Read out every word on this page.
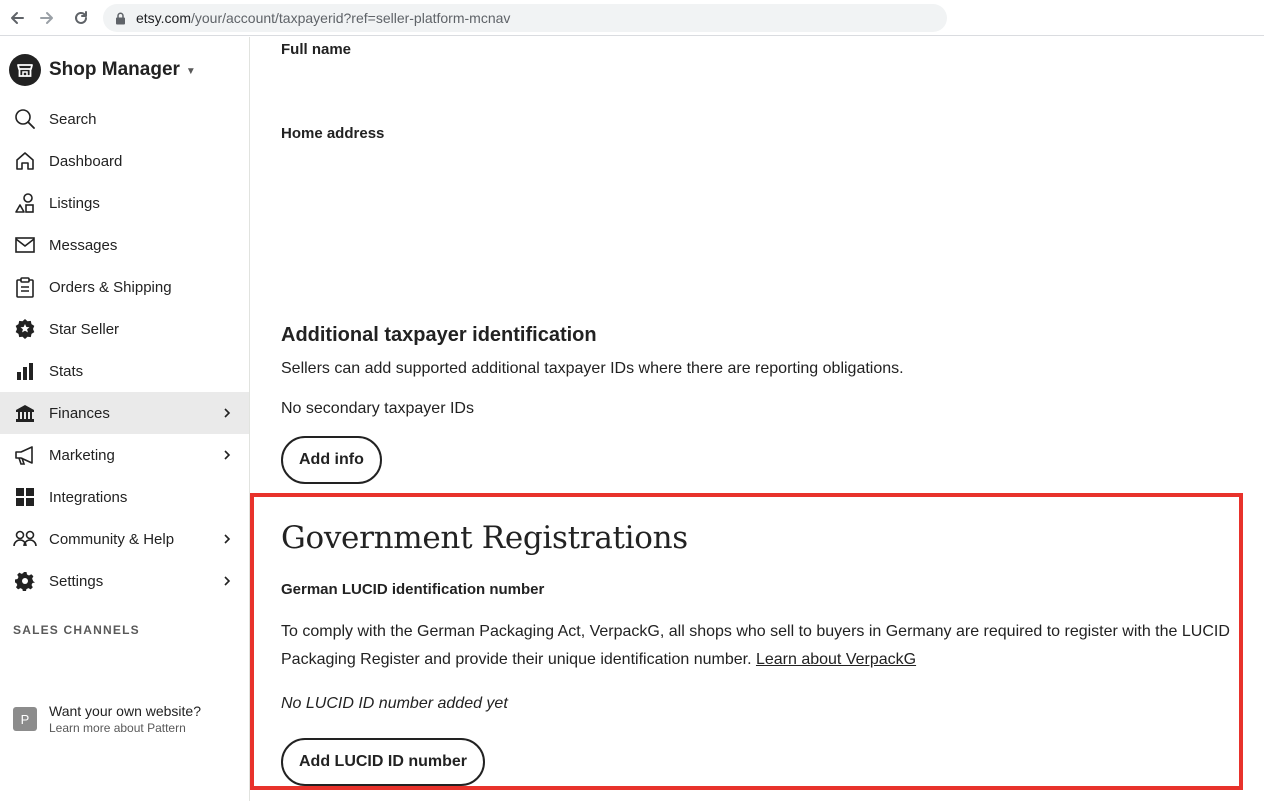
etsy.com /your/account/taxpayerid?ref=seller-platform-mcnav
Shop Manager ▼
Search
Dashboard
Listings
Messages
Orders & Shipping
Star Seller
Stats
Finances
Marketing
Integrations
Community & Help
Settings
SALES CHANNELS
P	Want your own website?
Learn more about Pattern
Full name
Home address
Additional taxpayer identification
Sellers can add supported additional taxpayer IDs where there are reporting obligations.
No secondary taxpayer IDs
Add info
Government Registrations
German LUCID identification number
To comply with the German Packaging Act, VerpackG, all shops who sell to buyers in Germany are required to register with the LUCID Packaging Register and provide their unique identification number. Learn about VerpackG
No LUCID ID number added yet
Add LUCID ID number
